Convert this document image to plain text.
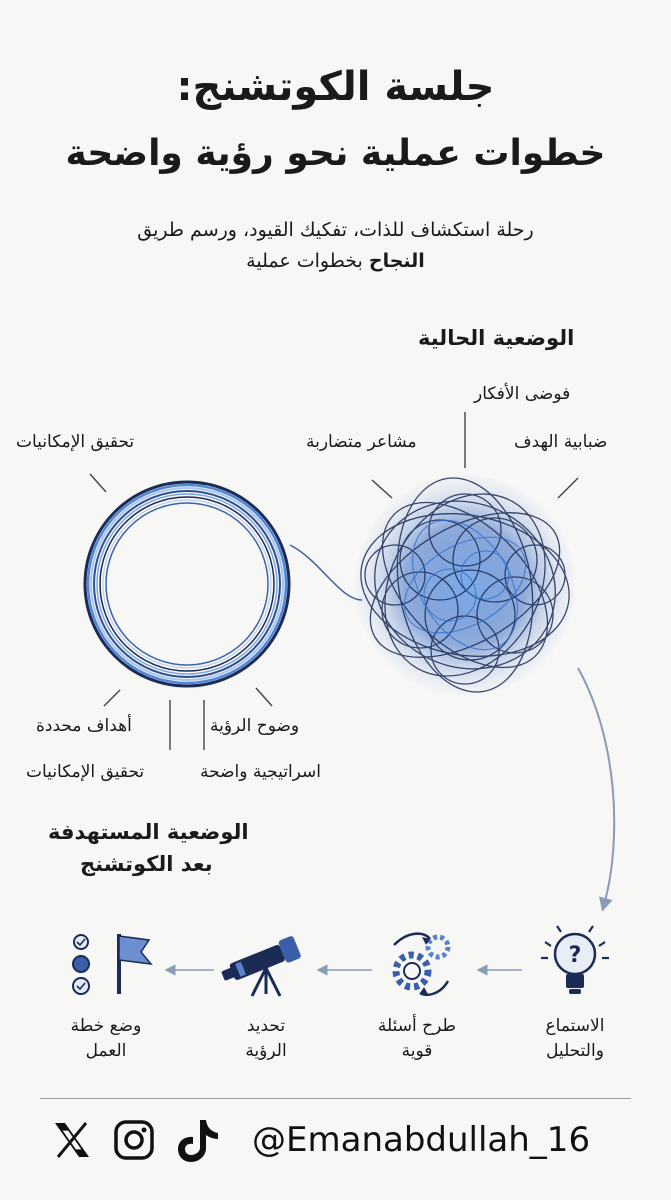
جلسة الكوتشنج:
خطوات عملية نحو رؤية واضحة
رحلة استكشاف للذات، تفكيك القيود، ورسم طريق
النجاح بخطوات عملية
الوضعية الحالية
فوضى الأفكار
ضبابية الهدف
مشاعر متضاربة
تحقيق الإمكانيات
وضوح الرؤية
أهداف محددة
اسراتيجية واضحة
تحقيق الإمكانيات
الوضعية المستهدفة
بعد الكوتشنج
?
الاستماع
والتحليل
طرح أسئلة
قوية
تحديد
الرؤية
وضع خطة
العمل
@Emanabdullah_16
